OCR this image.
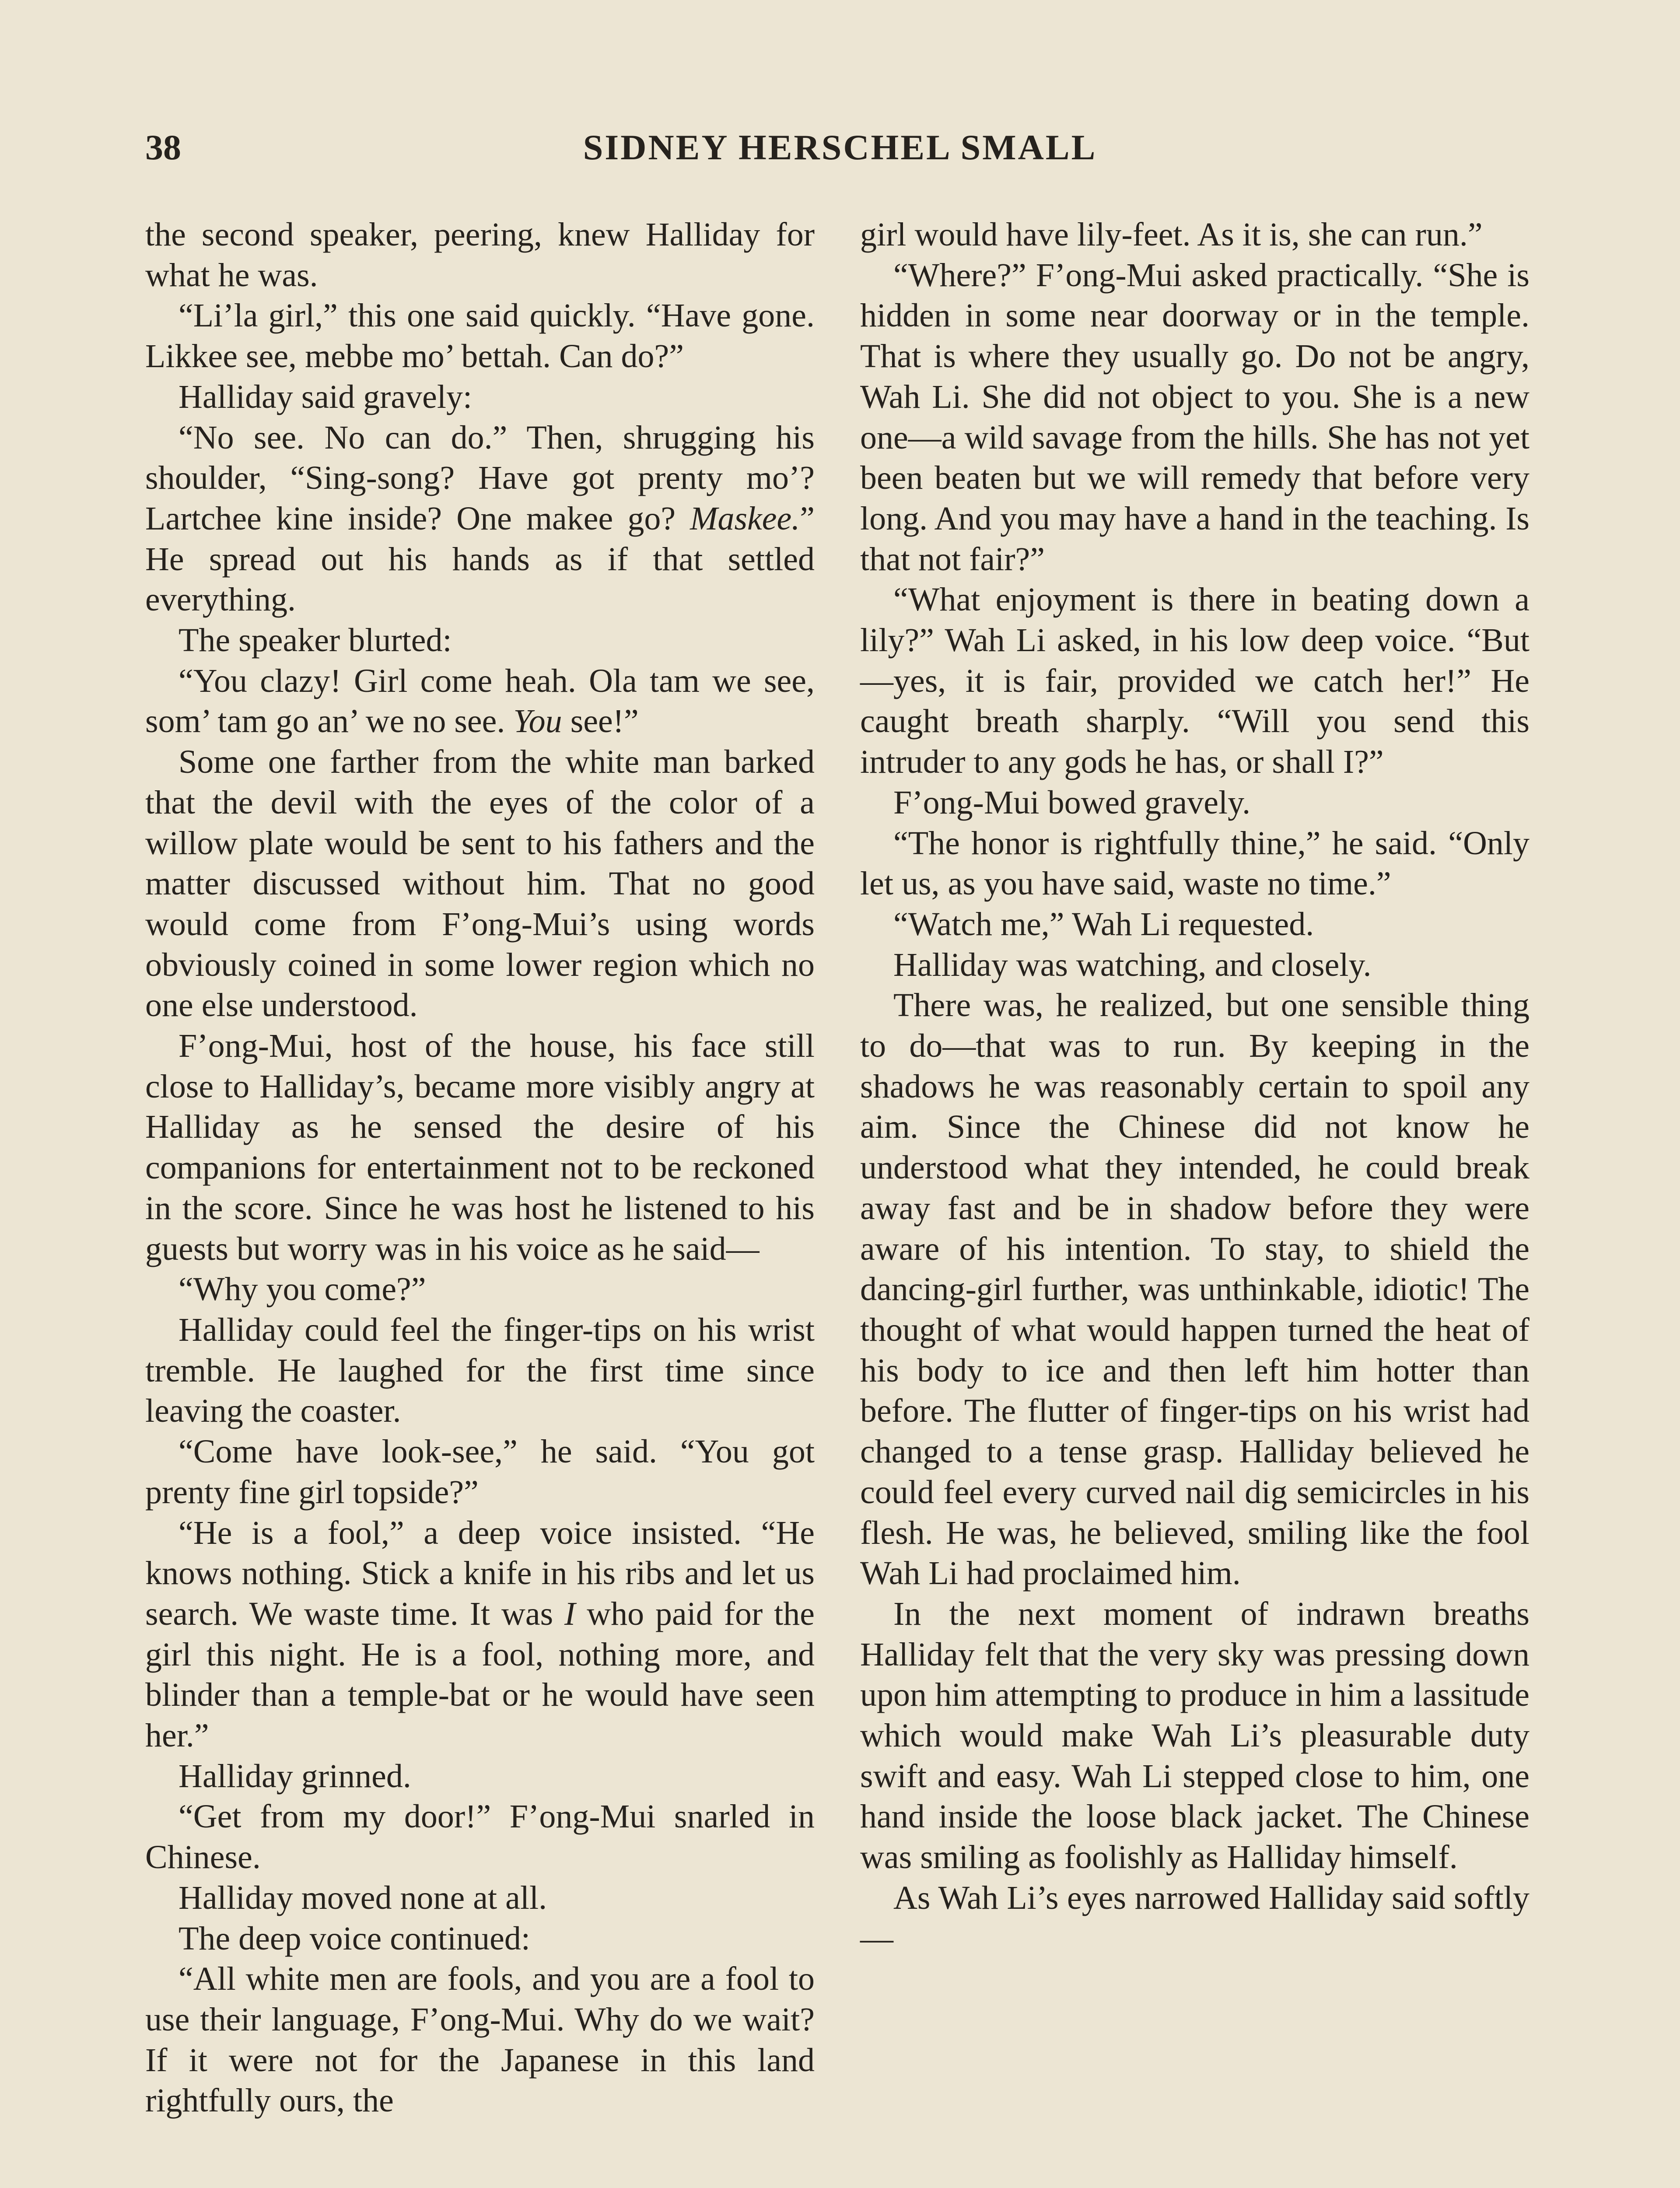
38	SIDNEY HERSCHEL SMALL

the second speaker, peering, knew Halliday for what he was.

“Li’la girl,” this one said quickly. “Have gone. Likkee see, mebbe mo’ bettah. Can do?”

Halliday said gravely:

“No see. No can do.” Then, shrugging his shoulder, “Sing-song? Have got prenty mo’? Lartchee kine inside? One makee go? Maskee.” He spread out his hands as if that settled everything.

The speaker blurted:

“You clazy! Girl come heah. Ola tam we see, som’ tam go an’ we no see. You see!”

Some one farther from the white man barked that the devil with the eyes of the color of a willow plate would be sent to his fathers and the matter discussed without him. That no good would come from F’ong-Mui’s using words obviously coined in some lower region which no one else understood.

F’ong-Mui, host of the house, his face still close to Halliday’s, became more visibly angry at Halliday as he sensed the desire of his companions for entertainment not to be reckoned in the score. Since he was host he listened to his guests but worry was in his voice as he said—

“Why you come?”

Halliday could feel the finger-tips on his wrist tremble. He laughed for the first time since leaving the coaster.

“Come have look-see,” he said. “You got prenty fine girl topside?”

“He is a fool,” a deep voice insisted. “He knows nothing. Stick a knife in his ribs and let us search. We waste time. It was I who paid for the girl this night. He is a fool, nothing more, and blinder than a temple-bat or he would have seen her.”

Halliday grinned.

“Get from my door!” F’ong-Mui snarled in Chinese.

Halliday moved none at all.

The deep voice continued:

“All white men are fools, and you are a fool to use their language, F’ong-Mui. Why do we wait? If it were not for the Japanese in this land rightfully ours, the

girl would have lily-feet. As it is, she can run.”

“Where?” F’ong-Mui asked practically. “She is hidden in some near doorway or in the temple. That is where they usually go. Do not be angry, Wah Li. She did not object to you. She is a new one—a wild savage from the hills. She has not yet been beaten but we will remedy that before very long. And you may have a hand in the teaching. Is that not fair?”

“What enjoyment is there in beating down a lily?” Wah Li asked, in his low deep voice. “But—yes, it is fair, provided we catch her!” He caught breath sharply. “Will you send this intruder to any gods he has, or shall I?”

F’ong-Mui bowed gravely.

“The honor is rightfully thine,” he said. “Only let us, as you have said, waste no time.”

“Watch me,” Wah Li requested.

Halliday was watching, and closely.

There was, he realized, but one sensible thing to do—that was to run. By keeping in the shadows he was reasonably certain to spoil any aim. Since the Chinese did not know he understood what they intended, he could break away fast and be in shadow before they were aware of his intention. To stay, to shield the dancing-girl further, was unthinkable, idiotic! The thought of what would happen turned the heat of his body to ice and then left him hotter than before. The flutter of finger-tips on his wrist had changed to a tense grasp. Halliday believed he could feel every curved nail dig semicircles in his flesh. He was, he believed, smiling like the fool Wah Li had proclaimed him.

In the next moment of indrawn breaths Halliday felt that the very sky was pressing down upon him attempting to produce in him a lassitude which would make Wah Li’s pleasurable duty swift and easy. Wah Li stepped close to him, one hand inside the loose black jacket. The Chinese was smiling as foolishly as Halliday himself.

As Wah Li’s eyes narrowed Halliday said softly—
